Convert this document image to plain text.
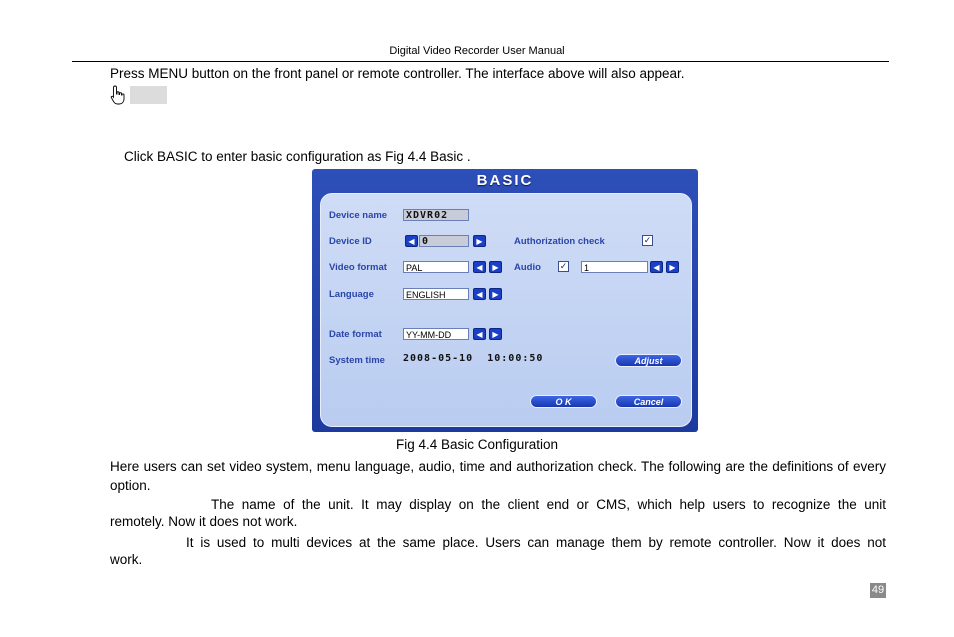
Digital Video Recorder User Manual
Press MENU button on the front panel or remote controller. The interface above will also appear.
Click BASIC to enter basic configuration as Fig 4.4 Basic .
BASIC
Device name	XDVR02
Device ID	◀ 0	▶	Authorization check	✓
Video format	PAL	◀	▶	Audio ✓	1	◀	▶
Language	ENGLISH	◀	▶
Date format	YY-MM-DD	◀	▶
System time 2008-05-10  10:00:50	Adjust
O K	Cancel
Fig 4.4 Basic Configuration
Here users can set video system, menu language, audio, time and authorization check. The following are the definitions of every option.
The name of the unit. It may display on the client end or CMS, which help users to recognize the unit
remotely. Now it does not work.
It is used to multi devices at the same place. Users can manage them by remote controller. Now it does not
work.
49
